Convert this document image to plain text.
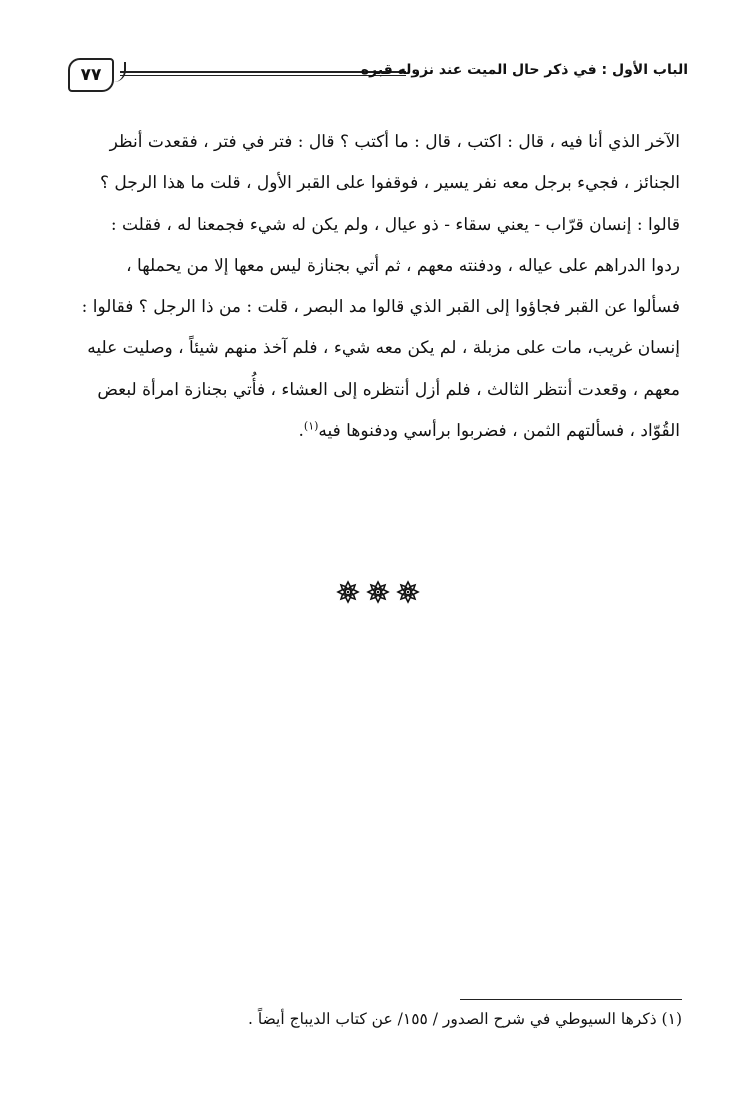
٧٧	الباب الأول : في ذكر حال الميت عند نزوله قبره
الآخر الذي أنا فيه ، قال : اكتب ، قال : ما أكتب ؟ قال : فتر في فتر ، فقعدت أنظر
الجنائز ، فجيء برجل معه نفر يسير ، فوقفوا على القبر الأول ، قلت ما هذا الرجل ؟
قالوا : إنسان قرّاب - يعني سقاء - ذو عيال ، ولم يكن له شيء فجمعنا له ، فقلت :
ردوا الدراهم على عياله ، ودفنته معهم ، ثم أتي بجنازة ليس معها إلا من يحملها ،
فسألوا عن القبر فجاؤوا إلى القبر الذي قالوا مد البصر ، قلت : من ذا الرجل ؟ فقالوا :
إنسان غريب، مات على مزبلة ، لم يكن معه شيء ، فلم آخذ منهم شيئاً ، وصليت عليه
معهم ، وقعدت أنتظر الثالث ، فلم أزل أنتظره إلى العشاء ، فأُتي بجنازة امرأة لبعض
القُوّاد ، فسألتهم الثمن ، فضربوا برأسي ودفنوها فيه$^{(١)}$.
(١) ذكرها السيوطي في شرح الصدور / ١٥٥/ عن كتاب الديباج أيضاً .
